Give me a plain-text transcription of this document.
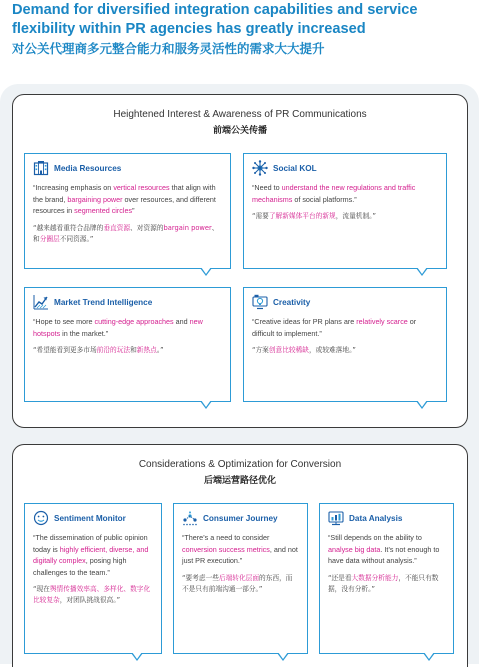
Demand for diversified integration capabilities and service
flexibility within PR agencies has greatly increased
对公关代理商多元整合能力和服务灵活性的需求大大提升
Heightened Interest & Awareness of PR Communications
前端公关传播
Media Resources
“Increasing emphasis on vertical resources that align with the brand, bargaining power over resources, and different resources in segmented circles”
“越来越看重符合品牌的垂直资源、对资源的bargain power、和分圈层不同资源。”
Social KOL
“Need to understand the new regulations and traffic mechanisms of social platforms.”
“需要了解新媒体平台的新规，流量机制。”
Market Trend Intelligence
“Hope to see more cutting-edge approaches and new hotspots in the market.”
“希望能看到更多市场前沿的玩法和新热点。”
Creativity
“Creative ideas for PR plans are relatively scarce or difficult to implement.”
“方案创意比较稀缺，或较难落地。”
Considerations & Optimization for Conversion
后端运营路径优化
Sentiment Monitor
“The dissemination of public opinion today is highly efficient, diverse, and digitally complex, posing high challenges to the team.”
“现在舆情传播效率高、多样化、数字化比较复杂，对团队挑战很高。”
Consumer Journey
“There’s a need to consider conversion success metrics, and not just PR execution.”
“要考虑一些后端转化层面的东西，而不是只有前端沟通一部分。”
Data Analysis
“Still depends on the ability to analyse big data. It’s not enough to have data without analysis.”
“还是看大数据分析能力，不能只有数据，没有分析。”
